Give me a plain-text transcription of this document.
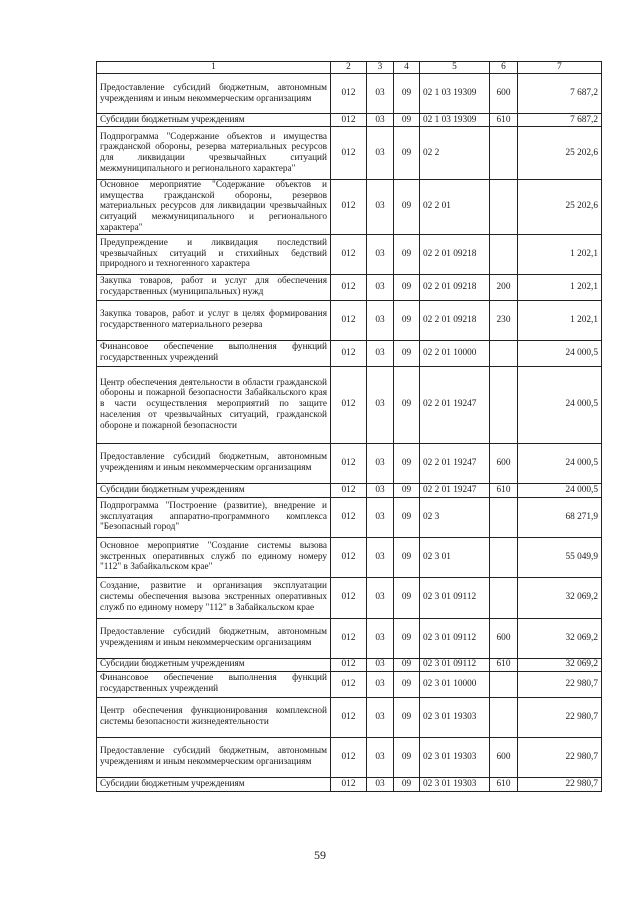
1	2	3	4	5	6	7
Предоставление субсидий бюджетным, автономным учреждениям и иным некоммерческим организациям	012	03	09	02 1 03 19309	600	7 687,2
Субсидии бюджетным учреждениям	012	03	09	02 1 03 19309	610	7 687,2
Подпрограмма "Содержание объектов и имущества гражданской обороны, резерва материальных ресурсов для ликвидации чрезвычайных ситуаций межмуниципального и регионального характера"	012	03	09	02 2		25 202,6
Основное мероприятие "Содержание объектов и имущества гражданской обороны, резервов материальных ресурсов для ликвидации чрезвычайных ситуаций межмуниципального и регионального характера"	012	03	09	02 2 01		25 202,6
Предупреждение и ликвидация последствий чрезвычайных ситуаций и стихийных бедствий природного и техногенного характера	012	03	09	02 2 01 09218		1 202,1
Закупка товаров, работ и услуг для обеспечения государственных (муниципальных) нужд	012	03	09	02 2 01 09218	200	1 202,1
Закупка товаров, работ и услуг в целях формирования государственного материального резерва	012	03	09	02 2 01 09218	230	1 202,1
Финансовое обеспечение выполнения функций государственных учреждений	012	03	09	02 2 01 10000		24 000,5
Центр обеспечения деятельности в области гражданской обороны и пожарной безопасности Забайкальского края в части осуществления мероприятий по защите населения от чрезвычайных ситуаций, гражданской обороне и пожарной безопасности	012	03	09	02 2 01 19247		24 000,5
Предоставление субсидий бюджетным, автономным учреждениям и иным некоммерческим организациям	012	03	09	02 2 01 19247	600	24 000,5
Субсидии бюджетным учреждениям	012	03	09	02 2 01 19247	610	24 000,5
Подпрограмма "Построение (развитие), внедрение и эксплуатация аппаратно-программного комплекса "Безопасный город"	012	03	09	02 3		68 271,9
Основное мероприятие "Создание системы вызова экстренных оперативных служб по единому номеру "112" в Забайкальском крае"	012	03	09	02 3 01		55 049,9
Создание, развитие и организация эксплуатации системы обеспечения вызова экстренных оперативных служб по единому номеру "112" в Забайкальском крае	012	03	09	02 3 01 09112		32 069,2
Предоставление субсидий бюджетным, автономным учреждениям и иным некоммерческим организациям	012	03	09	02 3 01 09112	600	32 069,2
Субсидии бюджетным учреждениям	012	03	09	02 3 01 09112	610	32 069,2
Финансовое обеспечение выполнения функций государственных учреждений	012	03	09	02 3 01 10000		22 980,7
Центр обеспечения функционирования комплексной системы безопасности жизнедеятельности	012	03	09	02 3 01 19303		22 980,7
Предоставление субсидий бюджетным, автономным учреждениям и иным некоммерческим организациям	012	03	09	02 3 01 19303	600	22 980,7
Субсидии бюджетным учреждениям	012	03	09	02 3 01 19303	610	22 980,7
59
